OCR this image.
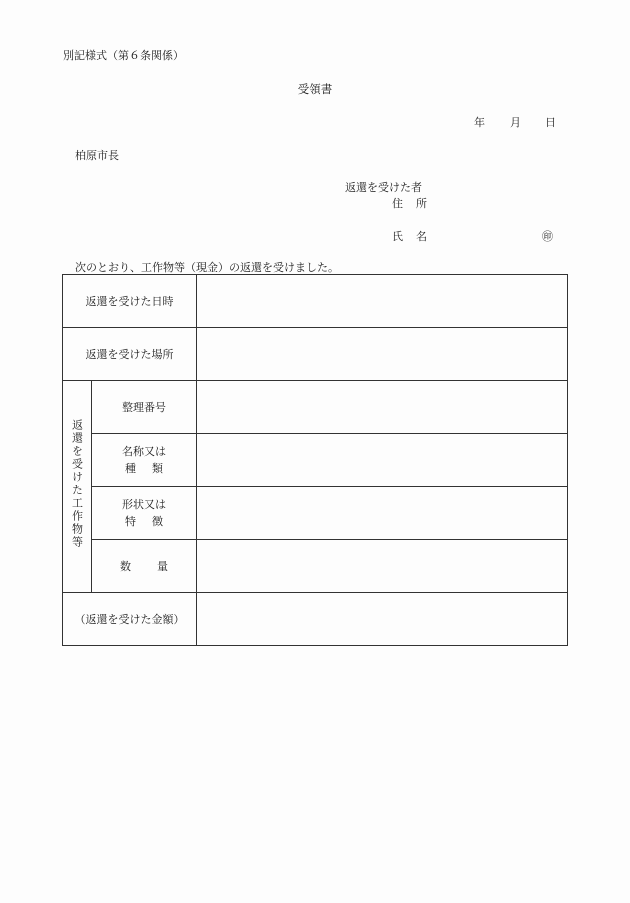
別記様式（第６条関係）
受領書
年 月 日
柏原市長
返還を受けた者
住所
氏名	㊞
次のとおり、工作物等（現金）の返還を受けました。
返還を受けた日時		
返還を受けた場所		
返還を受けた工作物等	整理番号	

	名称又は
種類	

	形状又は
特徴	

	数量	
（返還を受けた金額）		
